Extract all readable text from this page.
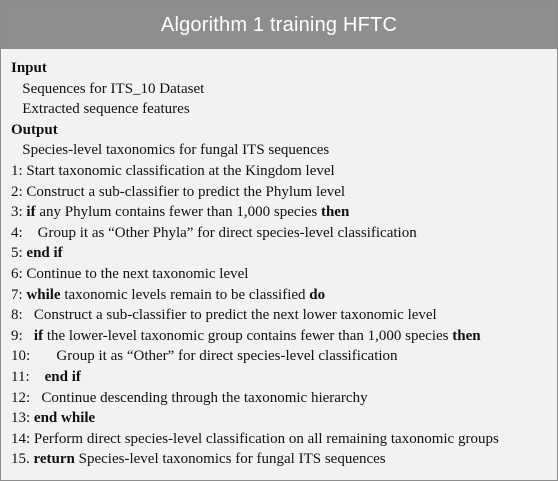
Algorithm 1 training HFTC
Input
Sequences for ITS_10 Dataset
Extracted sequence features
Output
Species-level taxonomics for fungal ITS sequences
1: Start taxonomic classification at the Kingdom level
2: Construct a sub-classifier to predict the Phylum level
3: if any Phylum contains fewer than 1,000 species then
4: Group it as “Other Phyla” for direct species-level classification
5: end if
6: Continue to the next taxonomic level
7: while taxonomic levels remain to be classified do
8: Construct a sub-classifier to predict the next lower taxonomic level
9: if the lower-level taxonomic group contains fewer than 1,000 species then
10: Group it as “Other” for direct species-level classification
11: end if
12: Continue descending through the taxonomic hierarchy
13: end while
14: Perform direct species-level classification on all remaining taxonomic groups
15. return Species-level taxonomics for fungal ITS sequences
